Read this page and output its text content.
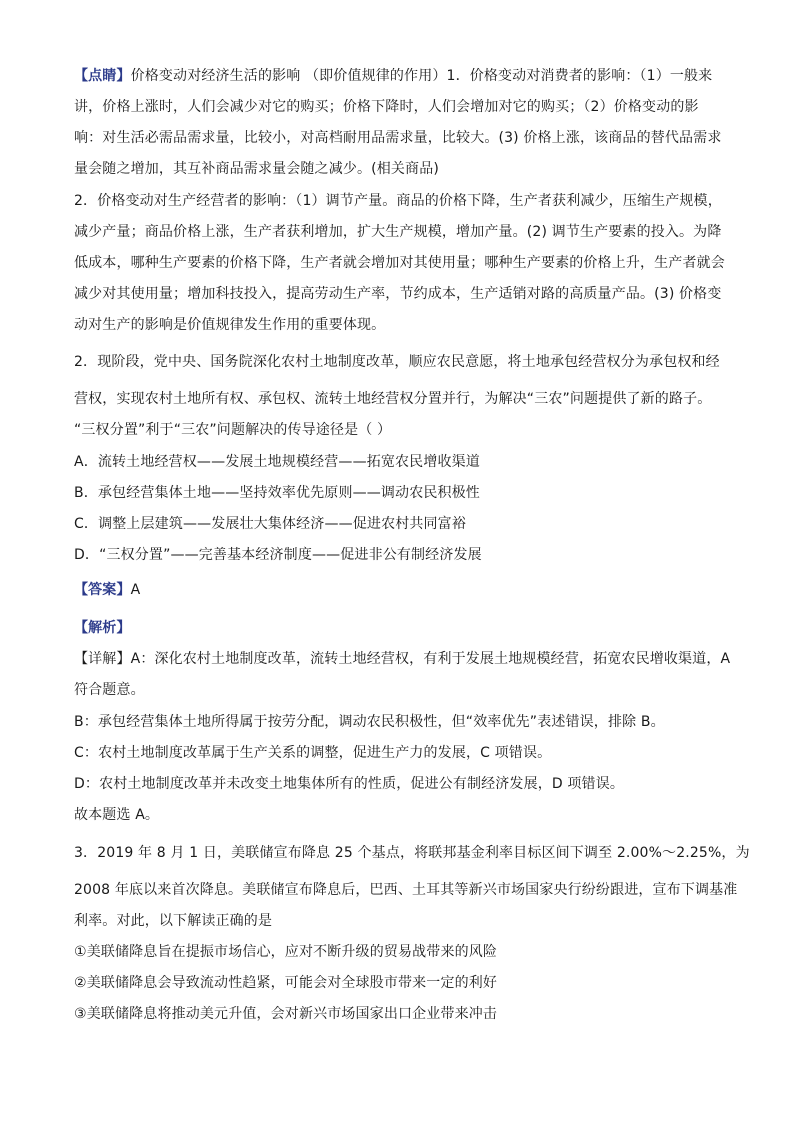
【点睛】价格变动对经济生活的影响 （即价值规律的作用）1．价格变动对消费者的影响：（1）一般来
讲，价格上涨时，人们会减少对它的购买；价格下降时，人们会增加对它的购买；（2）价格变动的影
响：对生活必需品需求量，比较小，对高档耐用品需求量，比较大。(3) 价格上涨，该商品的替代品需求
量会随之增加，其互补商品需求量会随之减少。(相关商品)
2．价格变动对生产经营者的影响：（1）调节产量。商品的价格下降，生产者获利减少，压缩生产规模，
减少产量；商品价格上涨，生产者获利增加，扩大生产规模，增加产量。(2) 调节生产要素的投入。为降
低成本，哪种生产要素的价格下降，生产者就会增加对其使用量；哪种生产要素的价格上升，生产者就会
减少对其使用量；增加科技投入，提高劳动生产率，节约成本，生产适销对路的高质量产品。(3) 价格变
动对生产的影响是价值规律发生作用的重要体现。
2．现阶段，党中央、国务院深化农村土地制度改革，顺应农民意愿，将土地承包经营权分为承包权和经
营权，实现农村土地所有权、承包权、流转土地经营权分置并行，为解决“三农”问题提供了新的路子。
“三权分置”利于“三农”问题解决的传导途径是（ ）
A．流转土地经营权——发展土地规模经营——拓宽农民增收渠道
B．承包经营集体土地——坚持效率优先原则——调动农民积极性
C．调整上层建筑——发展壮大集体经济——促进农村共同富裕
D．“三权分置”——完善基本经济制度——促进非公有制经济发展
【答案】A
【解析】
【详解】A：深化农村土地制度改革，流转土地经营权，有利于发展土地规模经营，拓宽农民增收渠道，A
符合题意。
B：承包经营集体土地所得属于按劳分配，调动农民积极性，但“效率优先”表述错误，排除 B。
C：农村土地制度改革属于生产关系的调整，促进生产力的发展，C 项错误。
D：农村土地制度改革并未改变土地集体所有的性质，促进公有制经济发展，D 项错误。
故本题选 A。
3．2019 年 8 月 1 日，美联储宣布降息 25 个基点，将联邦基金利率目标区间下调至 2.00%～2.25%，为
2008 年底以来首次降息。美联储宣布降息后，巴西、土耳其等新兴市场国家央行纷纷跟进，宣布下调基准
利率。对此，以下解读正确的是
①美联储降息旨在提振市场信心，应对不断升级的贸易战带来的风险
②美联储降息会导致流动性趋紧，可能会对全球股市带来一定的利好
③美联储降息将推动美元升值，会对新兴市场国家出口企业带来冲击
